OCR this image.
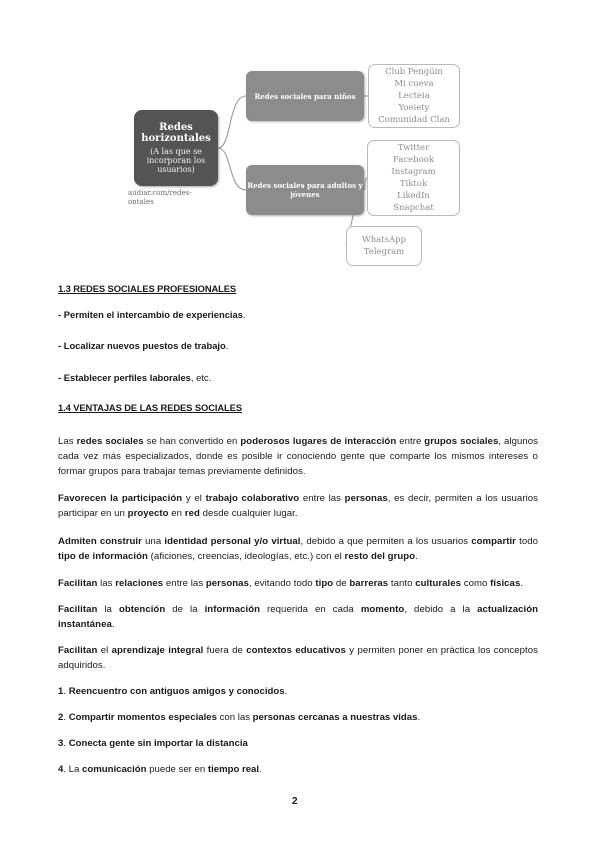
Redes horizontales
(A las que se incorporan los usuarios)
Redes sociales para niños
Redes sociales para adultos y jóvenes
Club Pengüin
Mi cueva
Lecteia
Yoeiety
Comunidad Clan
Twitter
Facebook
Instagram
Tiktok
LikedIn
Snapchat
WhatsApp
Telegram
audiar.com/redes-ontales
1.3 REDES SOCIALES PROFESIONALES
- Permiten el intercambio de experiencias.
- Localizar nuevos puestos de trabajo.
- Establecer perfiles laborales, etc.
1.4 VENTAJAS DE LAS REDES SOCIALES
Las redes sociales se han convertido en poderosos lugares de interacción entre grupos sociales, algunos cada vez más especializados, donde es posible ir conociendo gente que comparte los mismos intereses o formar grupos para trabajar temas previamente definidos.
Favorecen la participación y el trabajo colaborativo entre las personas, es decir, permiten a los usuarios participar en un proyecto en red desde cualquier lugar.
Admiten construir una identidad personal y/o virtual, debido a que permiten a los usuarios compartir todo tipo de información (aficiones, creencias, ideologías, etc.) con el resto del grupo.
Facilitan las relaciones entre las personas, evitando todo tipo de barreras tanto culturales como físicas.
Facilitan la obtención de la información requerida en cada momento, debido a la actualización instantánea.
Facilitan el aprendizaje integral fuera de contextos educativos y permiten poner en práctica los conceptos adquiridos.
1. Reencuentro con antiguos amigos y conocidos.
2. Compartir momentos especiales con las personas cercanas a nuestras vidas.
3. Conecta gente sin importar la distancia
4. La comunicación puede ser en tiempo real.
2
